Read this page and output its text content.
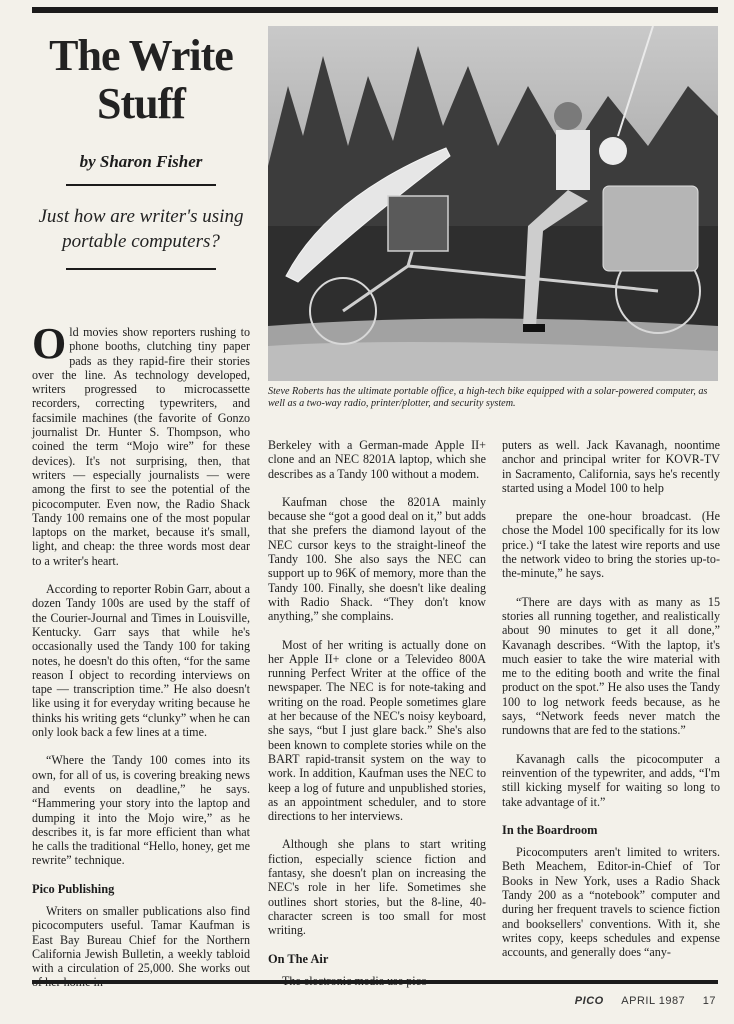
The Write
Stuff
by Sharon Fisher
Just how are writer's using portable computers?
Steve Roberts has the ultimate portable office, a high-tech bike equipped with a solar-powered computer, as well as a two-way radio, printer/plotter, and security system.

Old movies show reporters rushing to phone booths, clutching tiny paper pads as they rapid-fire their stories over the line. As technology developed, writers progressed to microcassette recorders, correcting typewriters, and facsimile machines (the favorite of Gonzo journalist Dr. Hunter S. Thompson, who coined the term “Mojo wire” for these devices). It's not surprising, then, that writers — especially journalists — were among the first to see the potential of the picocomputer. Even now, the Radio Shack Tandy 100 remains one of the most popular laptops on the market, because it's small, light, and cheap: the three words most dear to a writer's heart.

According to reporter Robin Garr, about a dozen Tandy 100s are used by the staff of the Courier-Journal and Times in Louisville, Kentucky. Garr says that while he's occasionally used the Tandy 100 for taking notes, he doesn't do this often, “for the same reason I object to recording interviews on tape — transcription time.” He also doesn't like using it for everyday writing because he thinks his writing gets “clunky” when he can only look back a few lines at a time.

“Where the Tandy 100 comes into its own, for all of us, is covering breaking news and events on deadline,” he says. “Hammering your story into the laptop and dumping it into the Mojo wire,” as he describes it, is far more efficient than what he calls the traditional “Hello, honey, get me rewrite” technique.

Pico Publishing

Writers on smaller publications also find picocomputers useful. Tamar Kaufman is East Bay Bureau Chief for the Northern California Jewish Bulletin, a weekly tabloid with a circulation of 25,000. She works out

Berkeley with a German-made Apple II+ clone and an NEC 8201A laptop, which she describes as a Tandy 100 without a modem.

Kaufman chose the 8201A mainly because she “got a good deal on it,” but adds that she prefers the diamond layout of the NEC cursor keys to the straight-lineof the Tandy 100. She also says the NEC can support up to 96K of memory, more than the Tandy 100. Finally, she doesn't like dealing with Radio Shack. “They don't know anything,” she complains.

Most of her writing is actually done on her Apple II+ clone or a Televideo 800A running Perfect Writer at the office of the newspaper. The NEC is for note-taking and writing on the road. People sometimes glare at her because of the NEC's noisy keyboard, she says, “but I just glare back.” She's also been known to complete stories while on the BART rapid-transit system on the way to work. In addition, Kaufman uses the NEC to keep a log of future and unpublished stories, as an appointment scheduler, and to store directions to her interviews.

Although she plans to start writing fiction, especially science fiction and fantasy, she doesn't plan on increasing the NEC's role in her life. Sometimes she outlines short stories, but the 8-line, 40-character screen is too small for most writing.

On The Air

puters as well. Jack Kavanagh, noontime anchor and principal writer for KOVR-TV in Sacramento, California, says he's recently started using a Model 100 to help

prepare the one-hour broadcast. (He chose the Model 100 specifically for its low price.) “I take the latest wire reports and use the network video to bring the stories up-to-the-minute,” he says.

“There are days with as many as 15 stories all running together, and realistically about 90 minutes to get it all done,” Kavanagh describes. “With the laptop, it's much easier to take the wire material with me to the editing booth and write the final product on the spot.” He also uses the Tandy 100 to log network feeds because, as he says, “Network feeds never match the rundowns that are fed to the stations.”

Kavanagh calls the picocomputer a reinvention of the typewriter, and adds, “I'm still kicking myself for waiting so long to take advantage of it.”

In the Boardroom

Picocomputers aren't limited to writers. Beth Meachem, Editor-in-Chief of Tor Books in New York, uses a Radio Shack Tandy 200 as a “notebook” computer and during her frequent travels to science fiction and booksellers' conventions. With it, she writes copy, keeps schedules and expense accounts, and generally does “any-

PICO APRIL 1987 17
